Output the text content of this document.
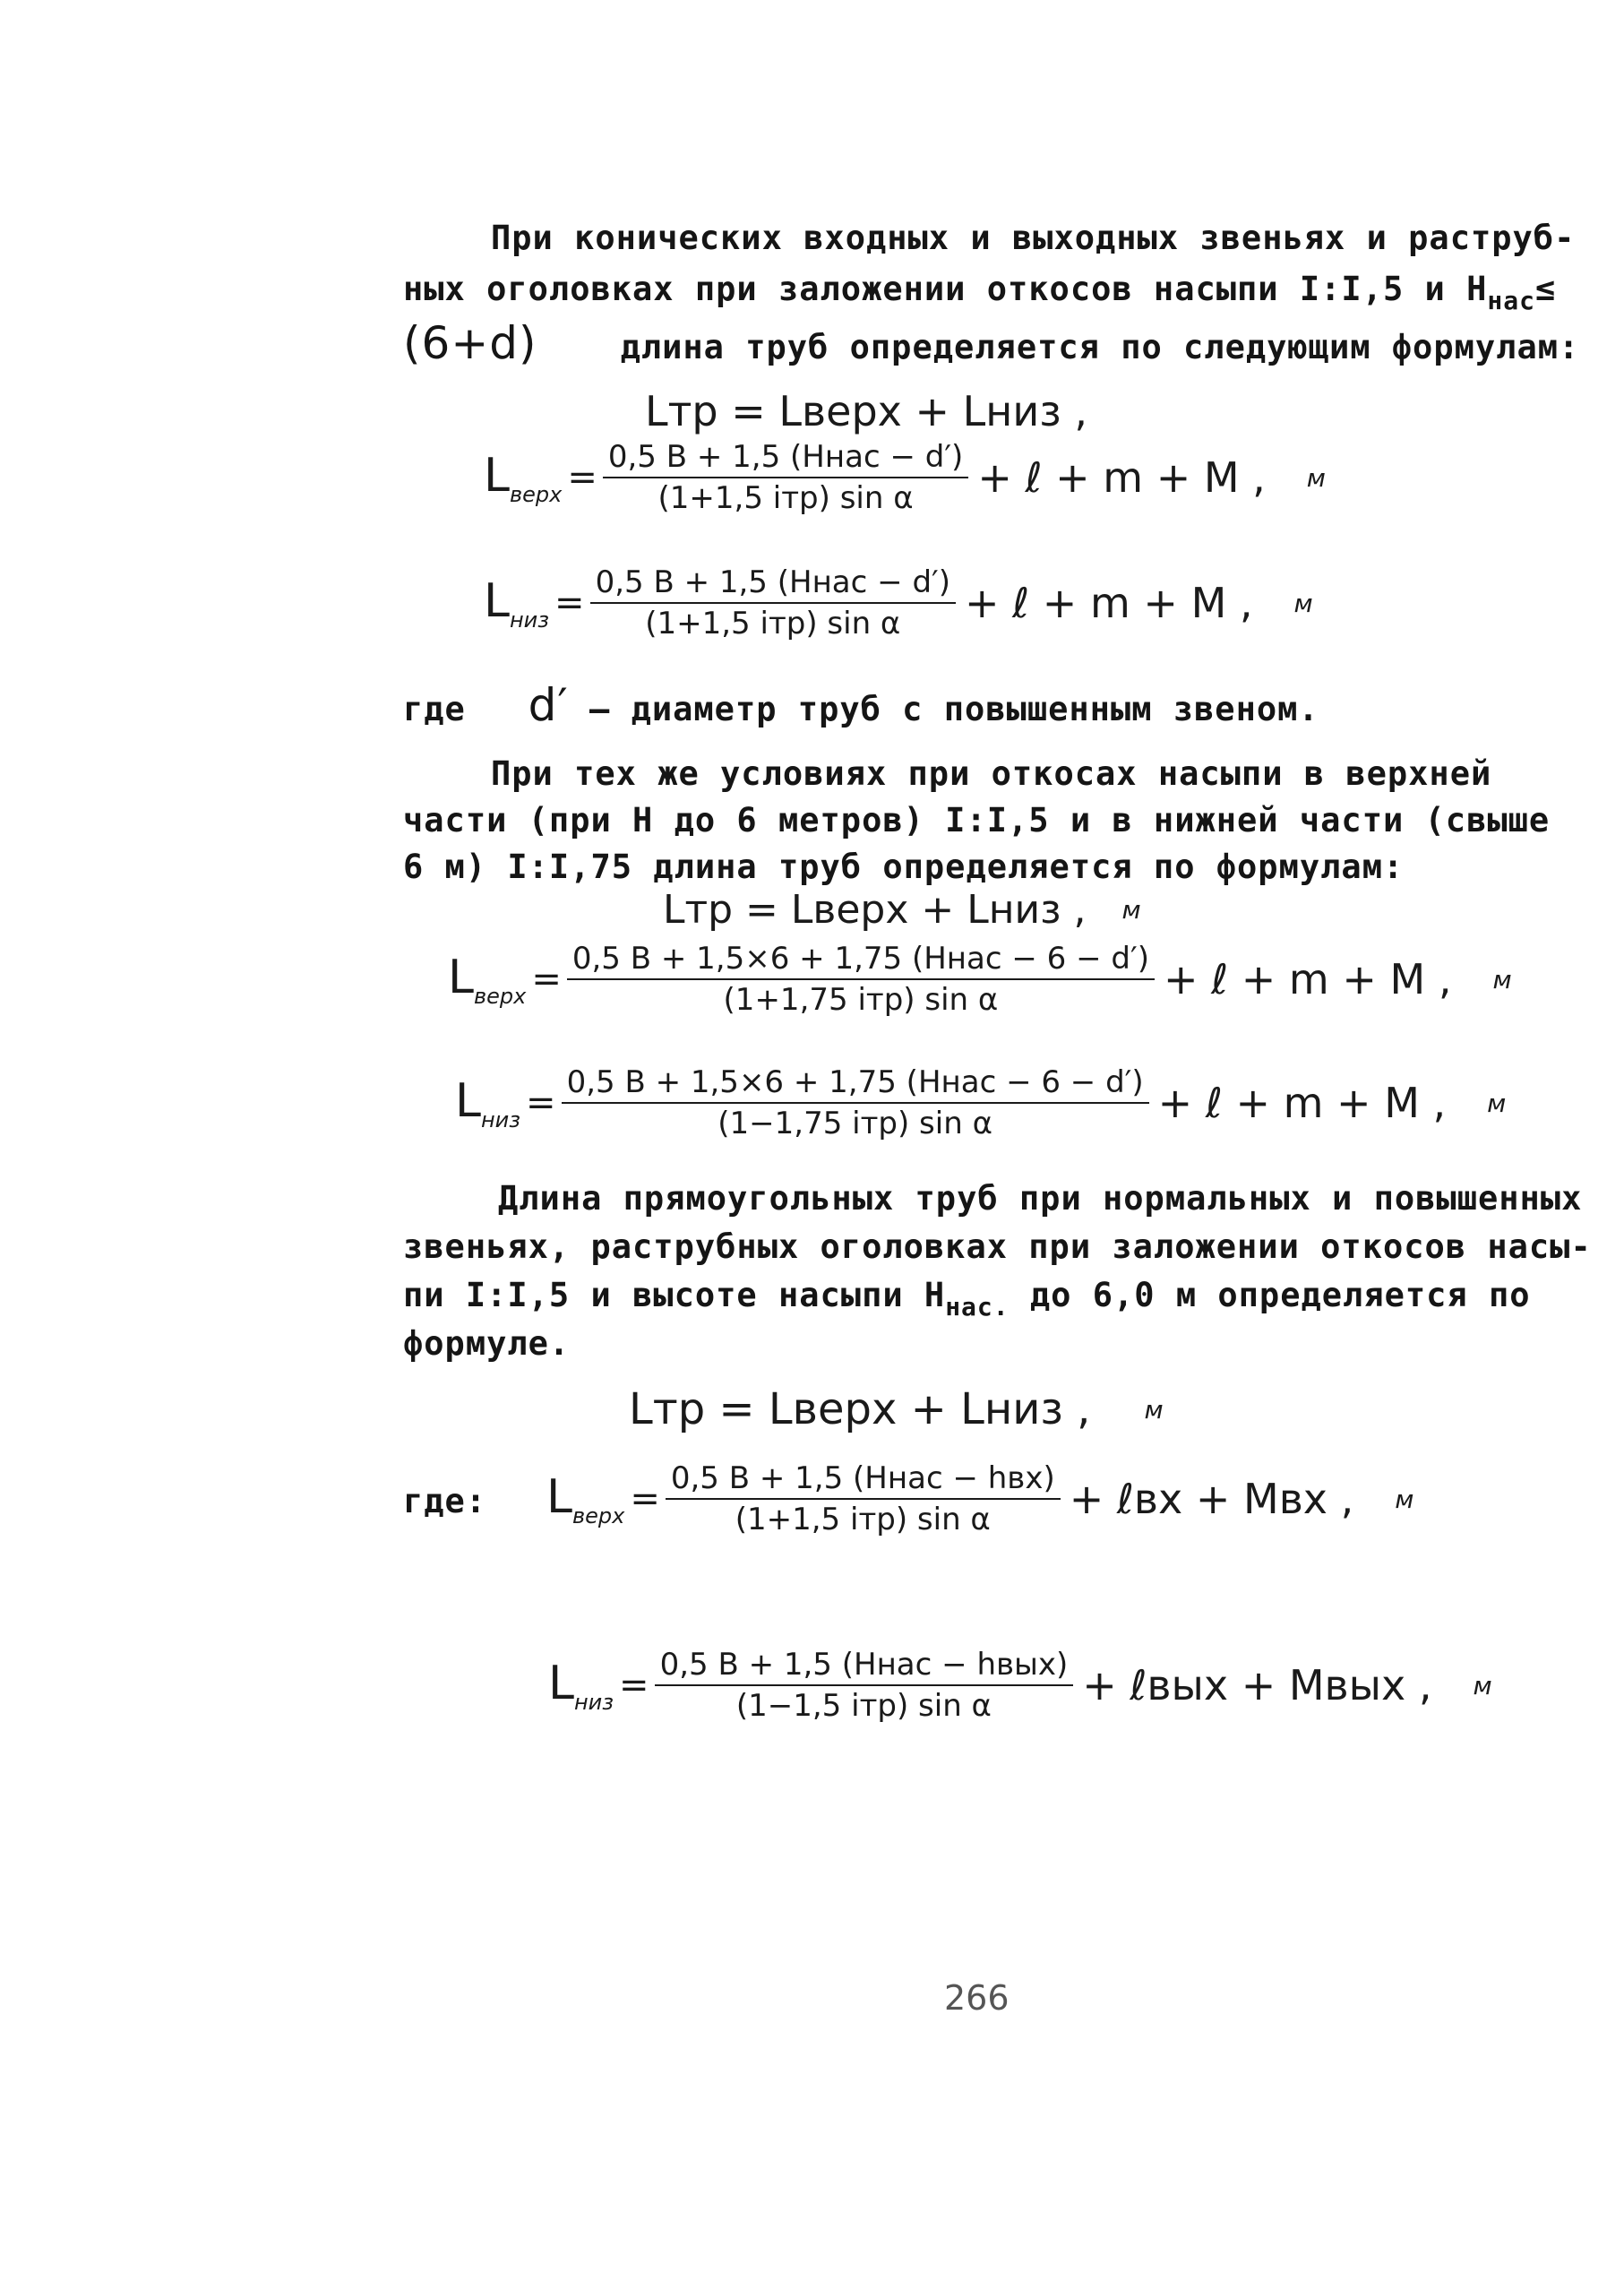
При конических входных и выходных звеньях и раструб-
ных оголовках при заложении откосов насыпи I:I,5 и $H_{нас}\le$
(6+d)	длина труб определяется по следующим формулам:
Lтр = Lверх + Lниз ,
$L_{верх} = \frac{\text{0,5 B + 1,5 (Hнас − d′)}}{\text{(1+1,5 iтр) sin α}}$ + ℓ + m + M , м
$L_{низ} = \frac{\text{0,5 B + 1,5 (Hнас − d′)}}{\text{(1+1,5 iтр) sin α}}$ + ℓ + m + M , м
где d′ – диаметр труб с повышенным звеном.
При тех же условиях при откосах насыпи в верхней
части (при H до 6 метров) I:I,5 и в нижней части (свыше
6 м) I:I,75 длина труб определяется по формулам:
Lтр = Lверх + Lниз , м
$L_{верх} = \frac{\text{0,5 B + 1,5×6 + 1,75 (Hнас − 6 − d′)}}{\text{(1+1,75 iтр) sin α}}$ + ℓ + m + M , м
$L_{низ} = \frac{\text{0,5 B + 1,5×6 + 1,75 (Hнас − 6 − d′)}}{\text{(1−1,75 iтр) sin α}}$ + ℓ + m + M , м
Длина прямоугольных труб при нормальных и повышенных
звеньях, раструбных оголовках при заложении откосов насы-
пи I:I,5 и высоте насыпи $H_{нас.}$ до 6,0 м определяется по
формуле.
Lтр = Lверх + Lниз , м
где: $L_{верх} = \frac{\text{0,5 B + 1,5 (Hнас − hвх)}}{\text{(1+1,5 iтр) sin α}}$ + ℓвх + Mвх , м
$L_{низ} = \frac{\text{0,5 B + 1,5 (Hнас − hвых)}}{\text{(1−1,5 iтр) sin α}}$ + ℓвых + Mвых , м
266
